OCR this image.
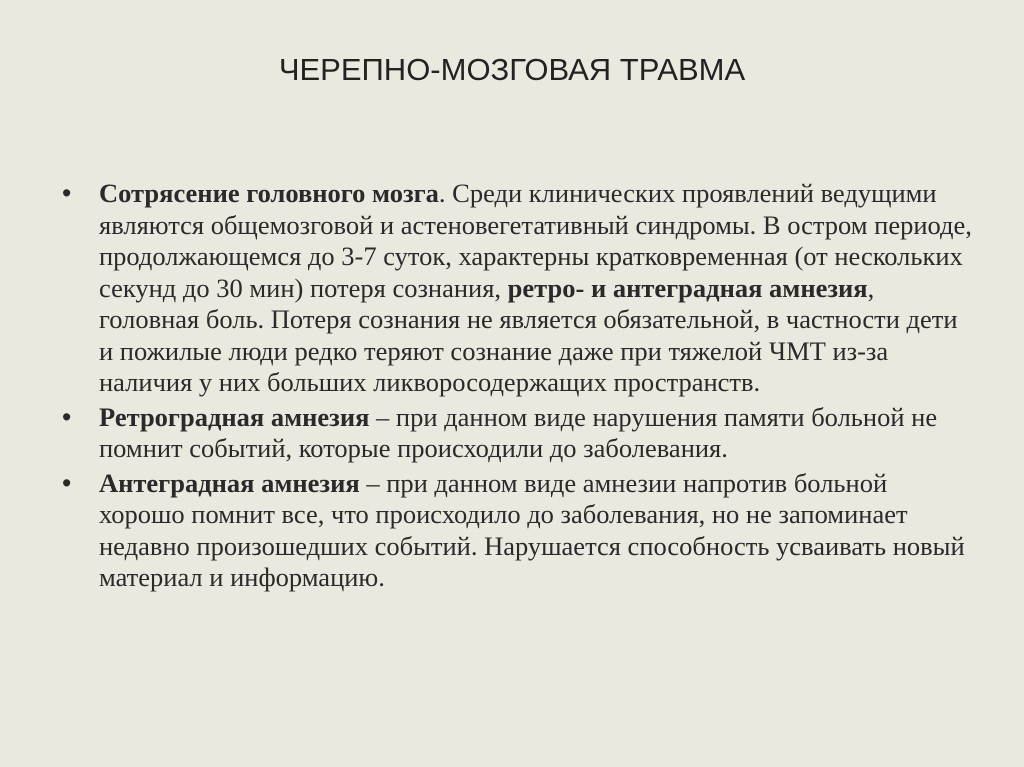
ЧЕРЕПНО-МОЗГОВАЯ ТРАВМА
• Сотрясение головного мозга. Среди клинических проявлений ведущими являются общемозговой и астеновегетативный синдромы. В остром периоде, продолжающемся до 3-7 суток, характерны кратковременная (от нескольких секунд до 30 мин) потеря сознания, ретро- и антеградная амнезия, головная боль. Потеря сознания не является обязательной, в частности дети и пожилые люди редко теряют сознание даже при тяжелой ЧМТ из-за наличия у них больших ликворосодержащих пространств.
• Ретроградная амнезия – при данном виде нарушения памяти больной не помнит событий, которые происходили до заболевания.
• Антеградная амнезия – при данном виде амнезии напротив больной хорошо помнит все, что происходило до заболевания, но не запоминает недавно произошедших событий. Нарушается способность усваивать новый материал и информацию.
